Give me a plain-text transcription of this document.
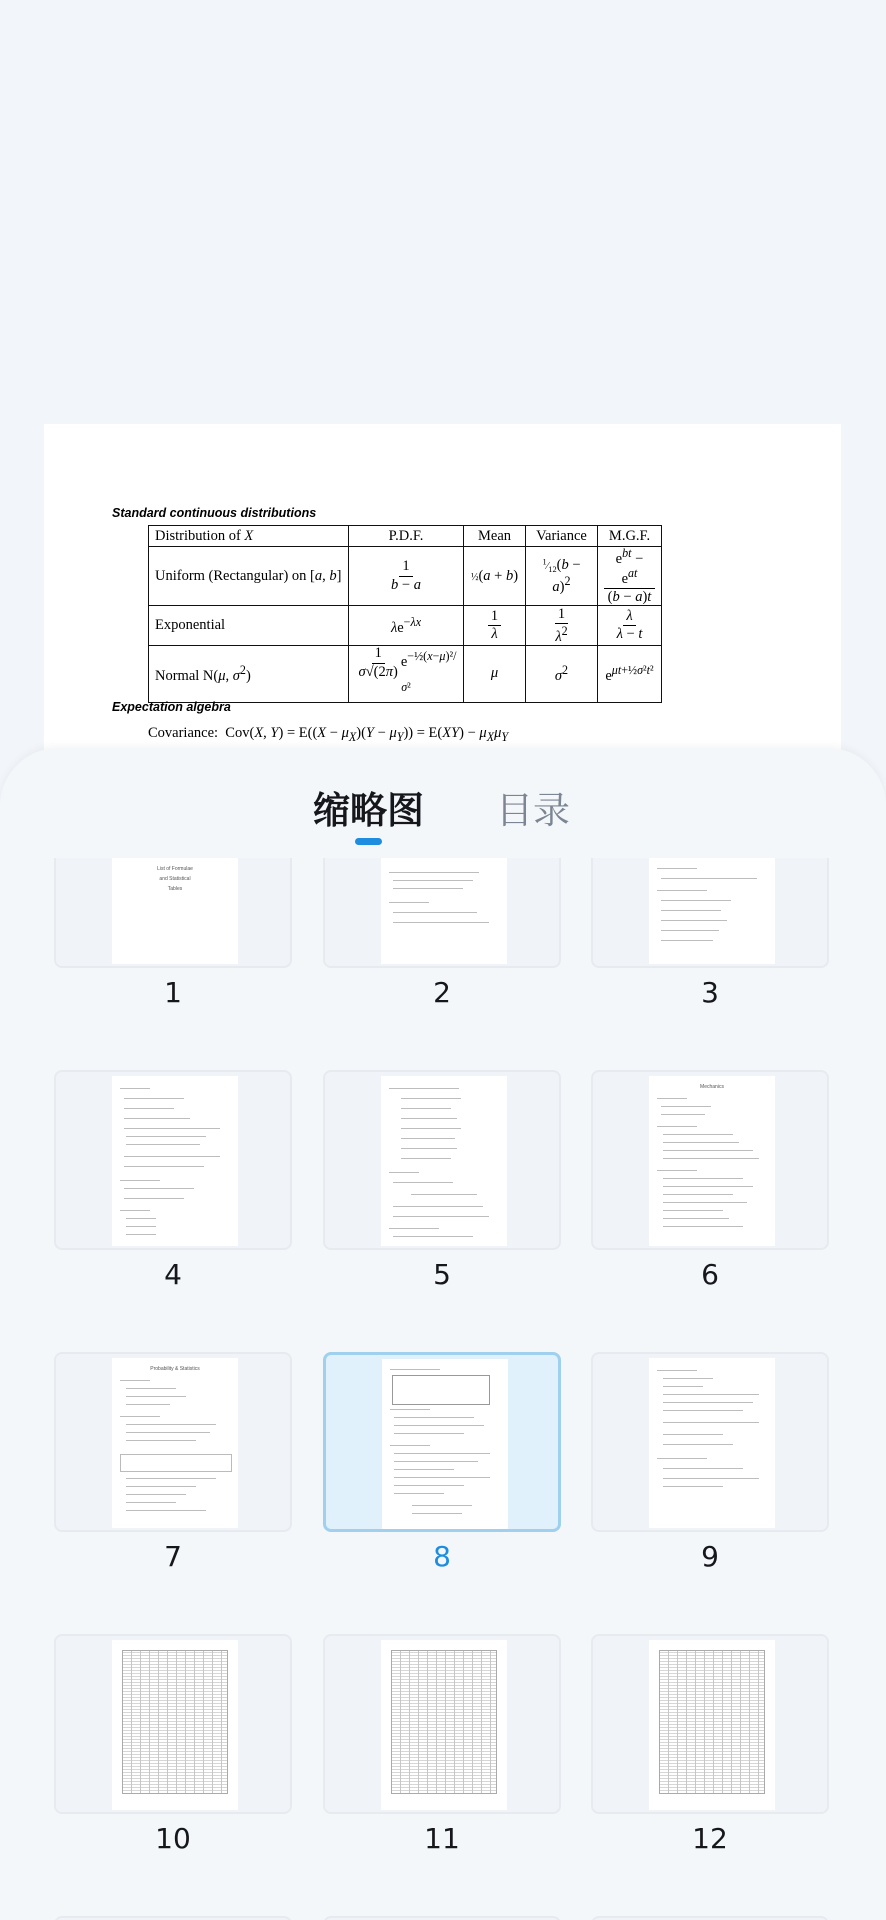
Standard continuous distributions
Distribution of X	P.D.F.	Mean	Variance	M.G.F.
Uniform (Rectangular) on [a, b]	$\frac{1}{b - a}$	½(a + b)	$^1⁄_{12}(b - a)^2$	$\frac{e^{bt} - e^{at}}{(b - a)t}$

Exponential	$\lambda e^{-\lambda x}$	$\frac{1}{\lambda}$	$\frac{1}{\lambda^2}$	$\frac{\lambda}{\lambda - t}$

Normal N(μ, $\sigma^2$)	$\frac{1}{\sigma√(2\pi)} e^{-\frac{1}{2}(x-\mu)^2/\sigma^2}$	μ	$\sigma^2$	$e^{\mu t+\frac{1}{2}\sigma^2t^2}$
Expectation algebra
Covariance:  Cov(X, $Y) = E((X - \mu_X)(Y - \mu_Y)) = E(XY) - \mu_X\mu_Y$
缩略图 目录
List of Formulae
and Statistical
Tables
1	2	3
Mechanics
4	5	6
Probability & Statistics
7	8	9
10	11	12
